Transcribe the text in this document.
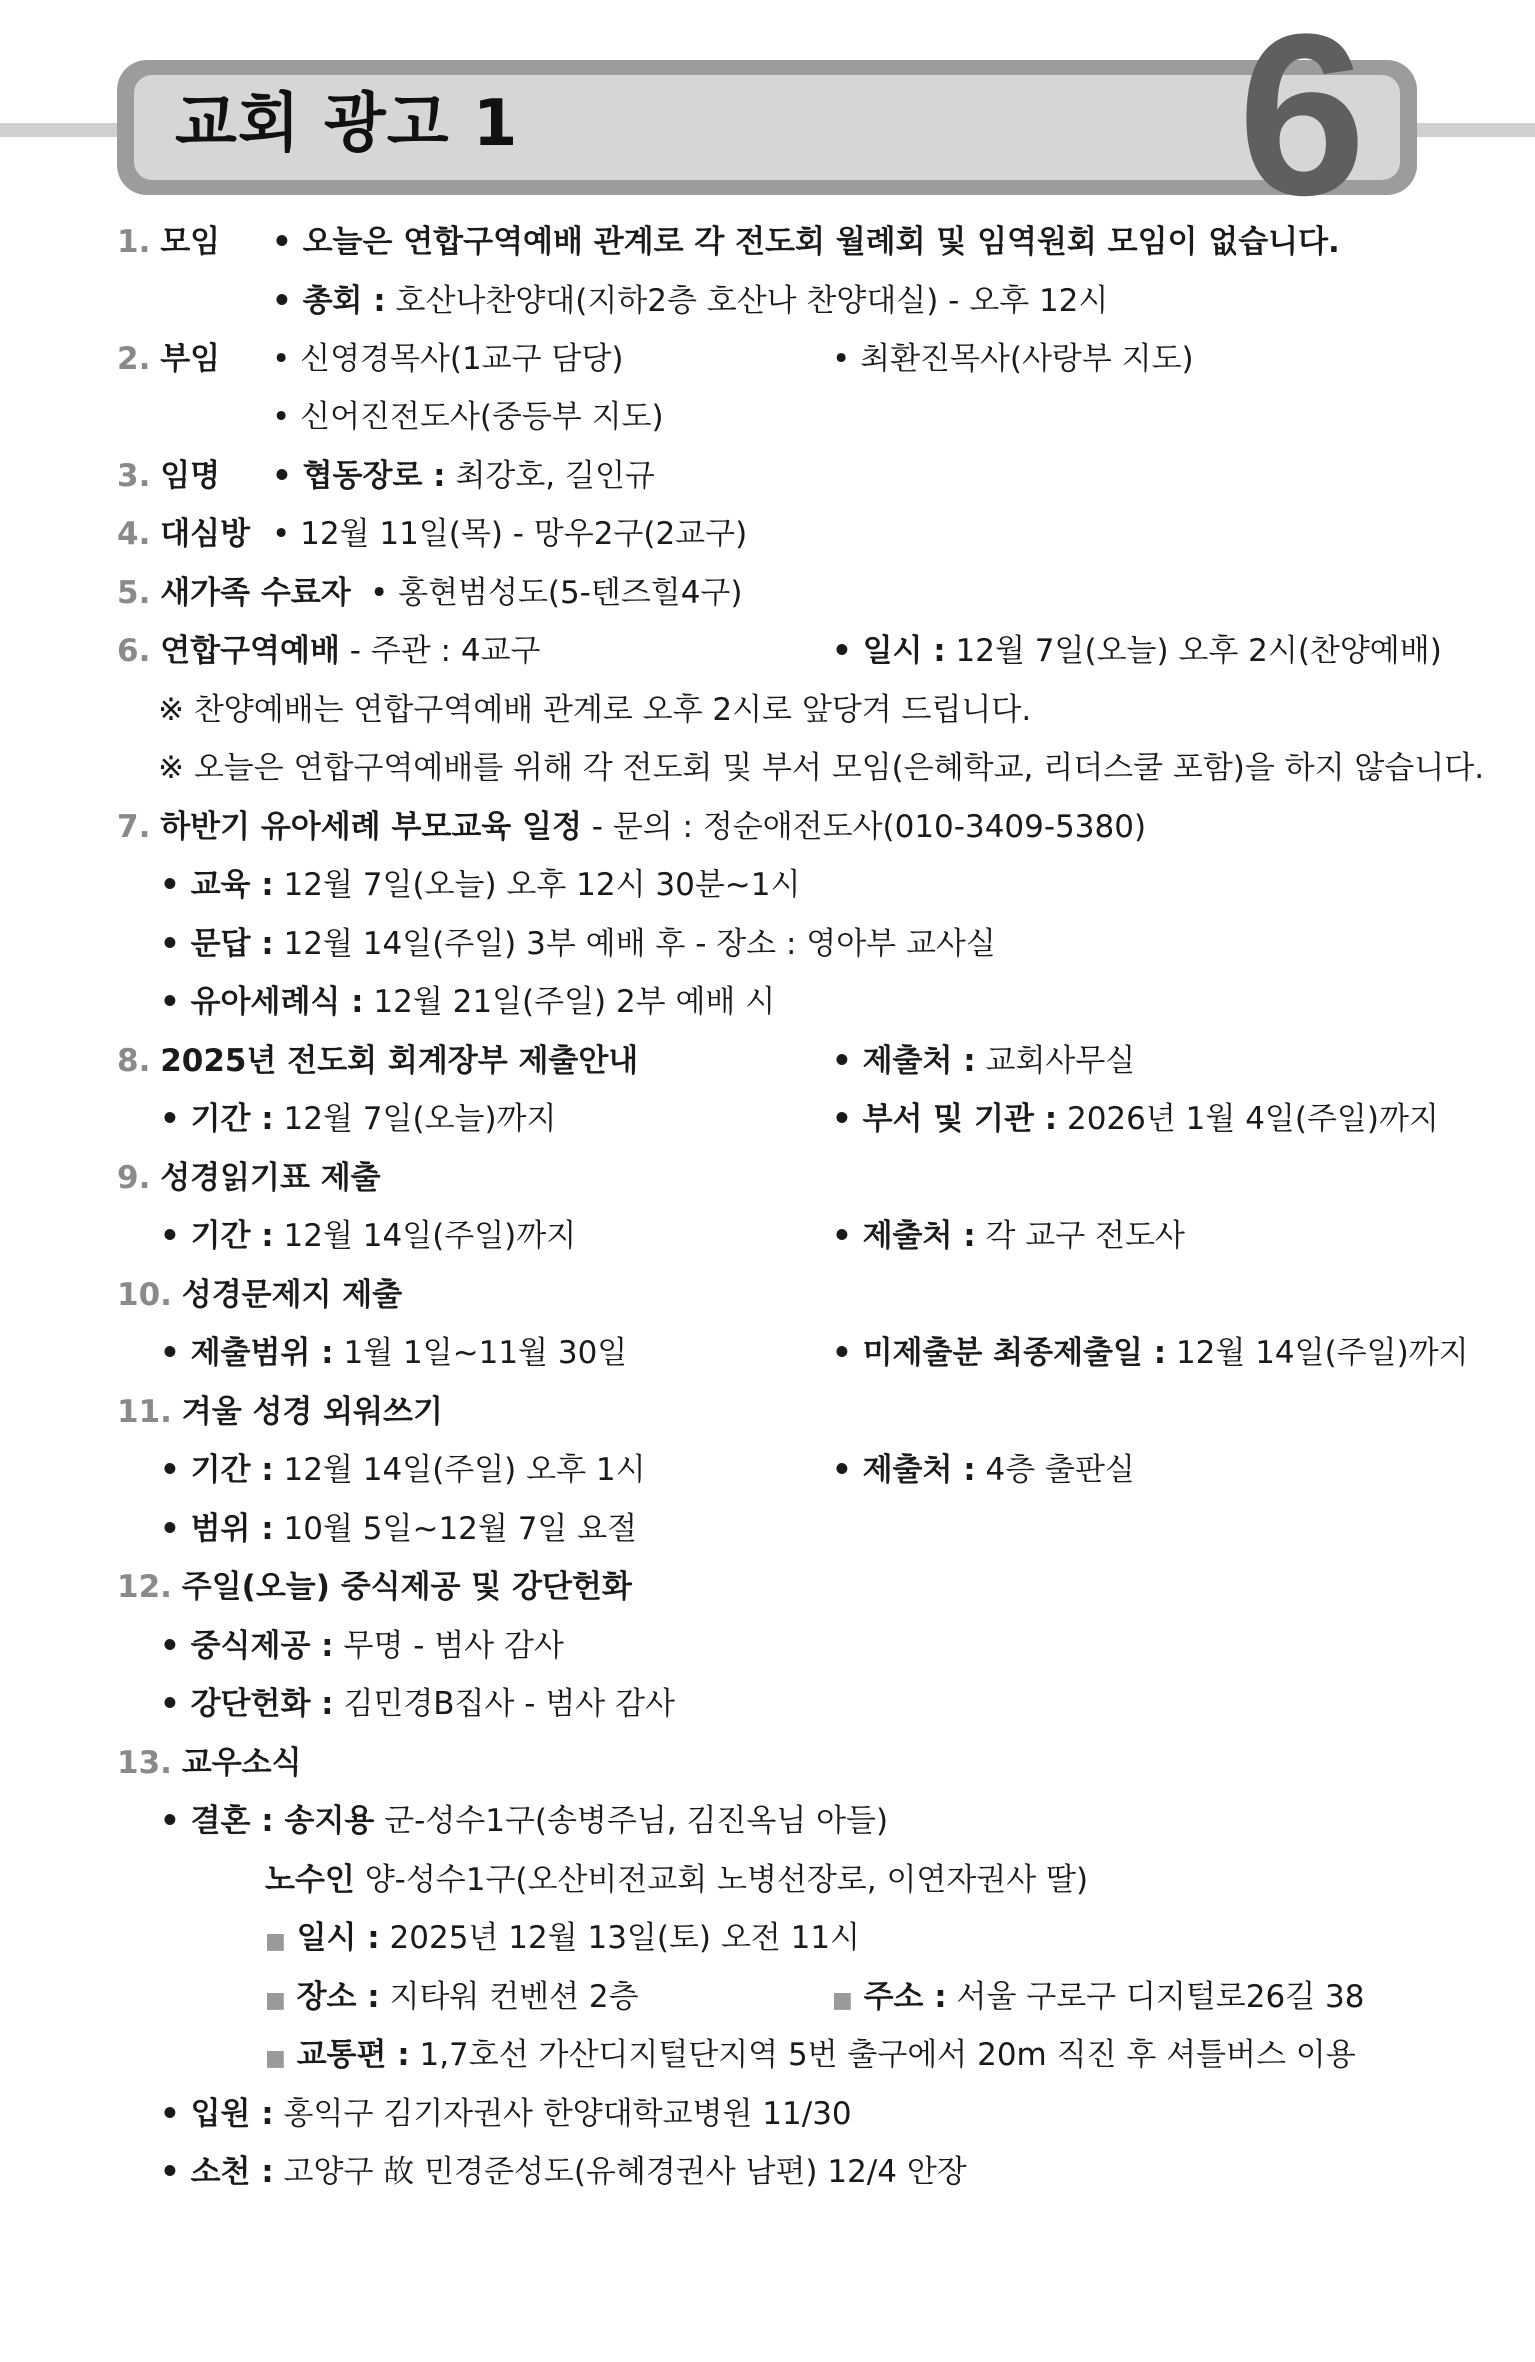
교회 광고 1	6
1. 모임 • 오늘은 연합구역예배 관계로 각 전도회 월례회 및 임역원회 모임이 없습니다.
• 총회 : 호산나찬양대(지하2층 호산나 찬양대실) - 오후 12시
2. 부임 • 신영경목사(1교구 담당)	• 최환진목사(사랑부 지도)
• 신어진전도사(중등부 지도)
3. 임명 • 협동장로 : 최강호, 길인규
4. 대심방 • 12월 11일(목) - 망우2구(2교구)
5. 새가족 수료자 • 홍현범성도(5-텐즈힐4구)
6. 연합구역예배 - 주관 : 4교구	• 일시 : 12월 7일(오늘) 오후 2시(찬양예배)
※ 찬양예배는 연합구역예배 관계로 오후 2시로 앞당겨 드립니다.
※ 오늘은 연합구역예배를 위해 각 전도회 및 부서 모임(은혜학교, 리더스쿨 포함)을 하지 않습니다.
7. 하반기 유아세례 부모교육 일정 - 문의 : 정순애전도사(010-3409-5380)
• 교육 : 12월 7일(오늘) 오후 12시 30분~1시
• 문답 : 12월 14일(주일) 3부 예배 후 - 장소 : 영아부 교사실
• 유아세례식 : 12월 21일(주일) 2부 예배 시
8. 2025년 전도회 회계장부 제출안내	• 제출처 : 교회사무실
• 기간 : 12월 7일(오늘)까지	• 부서 및 기관 : 2026년 1월 4일(주일)까지
9. 성경읽기표 제출
• 기간 : 12월 14일(주일)까지	• 제출처 : 각 교구 전도사
10. 성경문제지 제출
• 제출범위 : 1월 1일~11월 30일	• 미제출분 최종제출일 : 12월 14일(주일)까지
11. 겨울 성경 외워쓰기
• 기간 : 12월 14일(주일) 오후 1시	• 제출처 : 4층 출판실
• 범위 : 10월 5일~12월 7일 요절
12. 주일(오늘) 중식제공 및 강단헌화
• 중식제공 : 무명 - 범사 감사
• 강단헌화 : 김민경B집사 - 범사 감사
13. 교우소식
• 결혼 : 송지용 군-성수1구(송병주님, 김진옥님 아들)
노수인 양-성수1구(오산비전교회 노병선장로, 이연자권사 딸)
■ 일시 : 2025년 12월 13일(토) 오전 11시
■ 장소 : 지타워 컨벤션 2층	■ 주소 : 서울 구로구 디지털로26길 38
■ 교통편 : 1,7호선 가산디지털단지역 5번 출구에서 20m 직진 후 셔틀버스 이용
• 입원 : 홍익구 김기자권사 한양대학교병원 11/30
• 소천 : 고양구 故 민경준성도(유혜경권사 남편) 12/4 안장
